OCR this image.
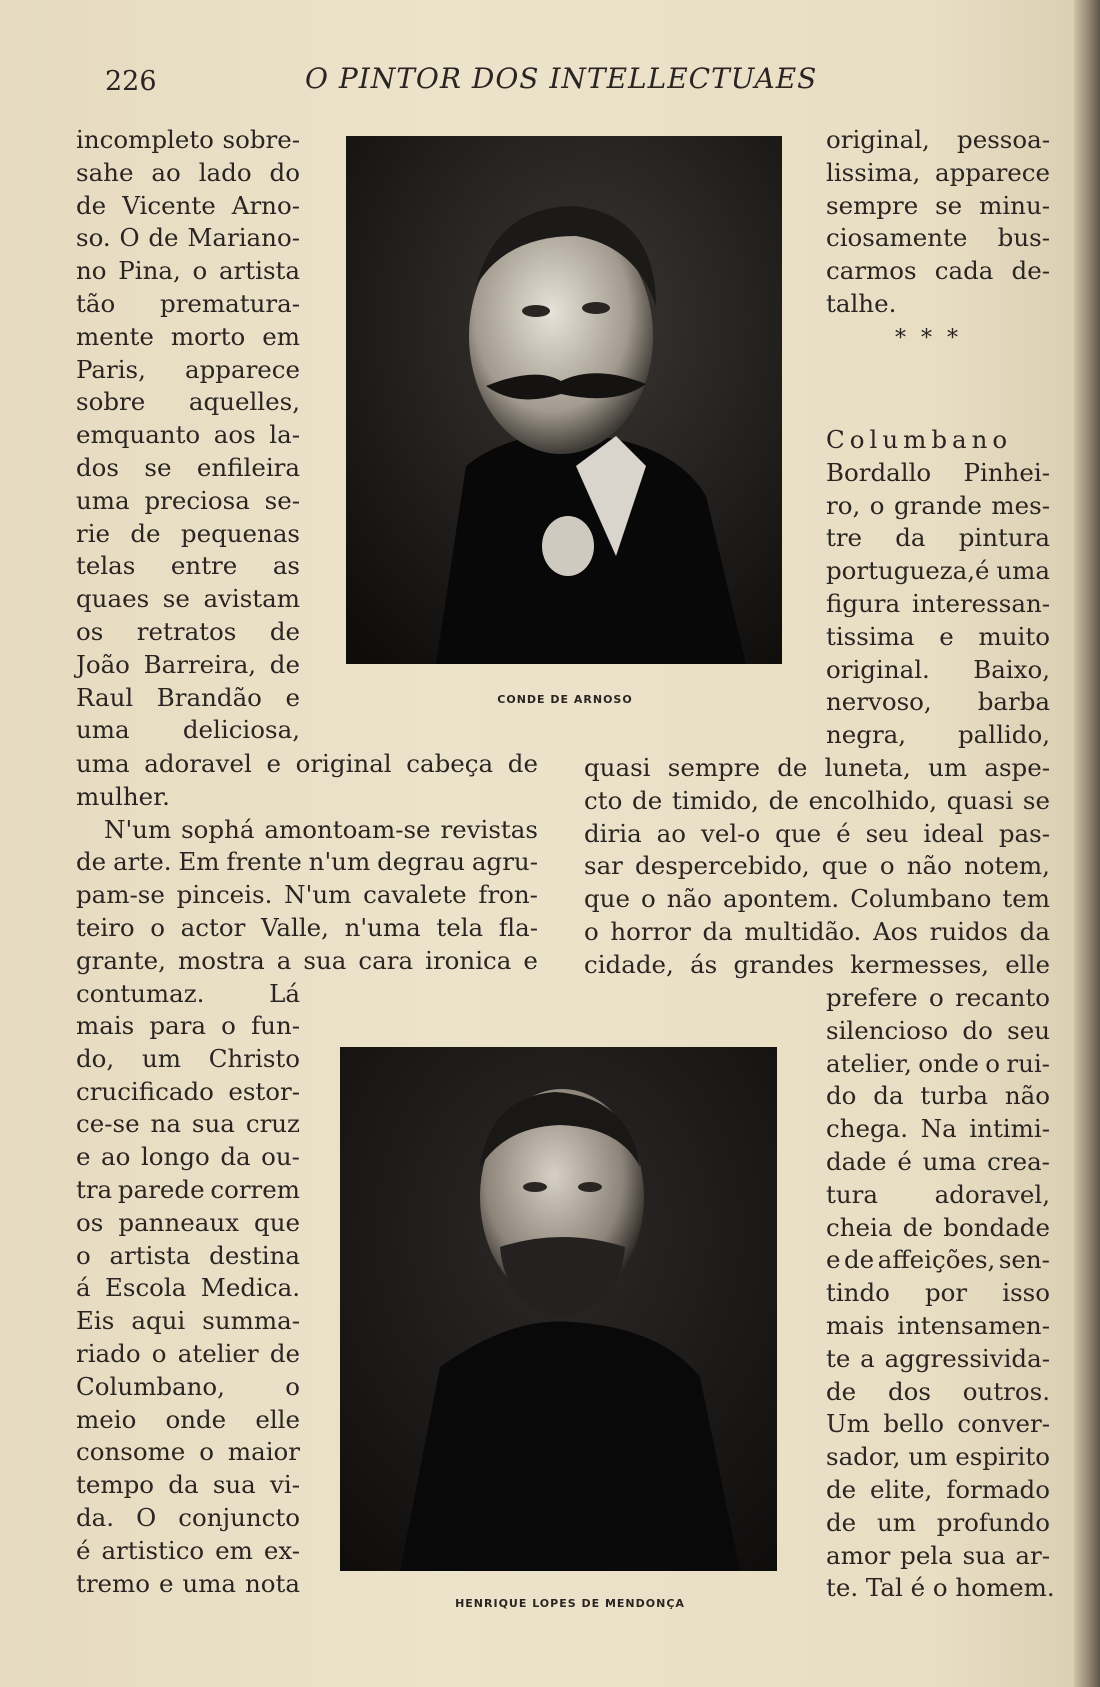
226	O PINTOR DOS INTELLECTUAES
CONDE DE ARNOSO
HENRIQUE LOPES DE MENDONÇA
incompleto sobre-
sahe ao lado do
de Vicente Arno-
so. O de Mariano-
no Pina, o artista
tão prematura-
mente morto em
Paris, apparece
sobre aquelles,
emquanto aos la-
dos se enfileira
uma preciosa se-
rie de pequenas
telas entre as
quaes se avistam
os retratos de
João Barreira, de
Raul Brandão e
uma deliciosa,
uma adoravel e original cabeça de
mulher.
N'um sophá amontoam-se revistas
de arte. Em frente n'um degrau agru-
pam-se pinceis. N'um cavalete fron-
teiro o actor Valle, n'uma tela fla-
grante, mostra a sua cara ironica e
contumaz.	Lá
mais para o fun-
do, um Christo
crucificado estor-
ce-se na sua cruz
e ao longo da ou-
tra parede correm
os panneaux que
o artista destina
á Escola Medica.
Eis aqui summa-
riado o atelier de
Columbano, o
meio onde elle
consome o maior
tempo da sua vi-
da. O conjuncto
é artistico em ex-
tremo e uma nota
original, pessoa-
lissima, apparece
sempre se minu-
ciosamente bus-
carmos cada de-
talhe.
* * *
Columbano
Bordallo Pinhei-
ro, o grande mes-
tre da pintura
portugueza,é uma
figura interessan-
tissima e muito
original. Baixo,
nervoso, barba
negra, pallido,
quasi sempre de luneta, um aspe-
cto de timido, de encolhido, quasi se
diria ao vel-o que é seu ideal pas-
sar despercebido, que o não notem,
que o não apontem. Columbano tem
o horror da multidão. Aos ruidos da
cidade, ás grandes kermesses, elle
prefere o recanto
silencioso do seu
atelier, onde o rui-
do da turba não
chega. Na intimi-
dade é uma crea-
tura adoravel,
cheia de bondade
e de affeições, sen-
tindo por isso
mais intensamen-
te a aggressivida-
de dos outros.
Um bello conver-
sador, um espirito
de elite, formado
de um profundo
amor pela sua ar-
te. Tal é o homem.
